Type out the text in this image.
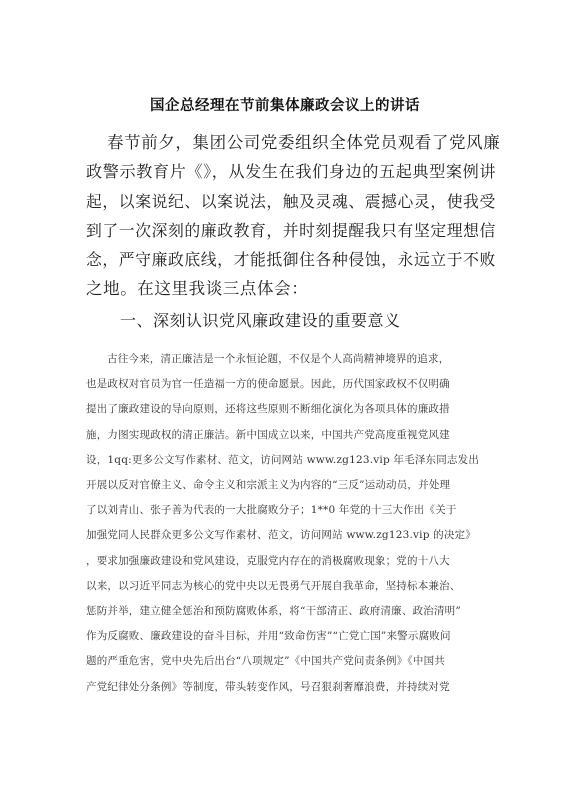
国企总经理在节前集体廉政会议上的讲话
春节前夕，集团公司党委组织全体党员观看了党风廉
政警示教育片《》，从发生在我们身边的五起典型案例讲
起，以案说纪、以案说法，触及灵魂、震撼心灵，使我受
到了一次深刻的廉政教育，并时刻提醒我只有坚定理想信
念，严守廉政底线，才能抵御住各种侵蚀，永远立于不败
之地。在这里我谈三点体会：
一、深刻认识党风廉政建设的重要意义
古往今来，清正廉洁是一个永恒论题，不仅是个人高尚精神境界的追求，
也是政权对官员为官一任造福一方的使命愿景。因此，历代国家政权不仅明确
提出了廉政建设的导向原则，还将这些原则不断细化演化为各项具体的廉政措
施，力图实现政权的清正廉洁。新中国成立以来，中国共产党高度重视党风建
设，1qq:更多公文写作素材、范文，访问网站 www.zg123.vip 年毛泽东同志发出
开展以反对官僚主义、命令主义和宗派主义为内容的“三反”运动动员，并处理
了以刘青山、张子善为代表的一大批腐败分子；1**0 年党的十三大作出《关于
加强党同人民群众更多公文写作素材、范文，访问网站 www.zg123.vip 的决定》
，要求加强廉政建设和党风建设，克服党内存在的消极腐败现象；党的十八大
以来，以习近平同志为核心的党中央以无畏勇气开展自我革命，坚持标本兼治、
惩防并举，建立健全惩治和预防腐败体系，将“干部清正、政府清廉、政治清明”
作为反腐败、廉政建设的奋斗目标，并用“致命伤害”“亡党亡国”来警示腐败问
题的严重危害，党中央先后出台“八项规定”《中国共产党问责条例》《中国共
产党纪律处分条例》等制度，带头转变作风，号召狠刹奢靡浪费，并持续对党
